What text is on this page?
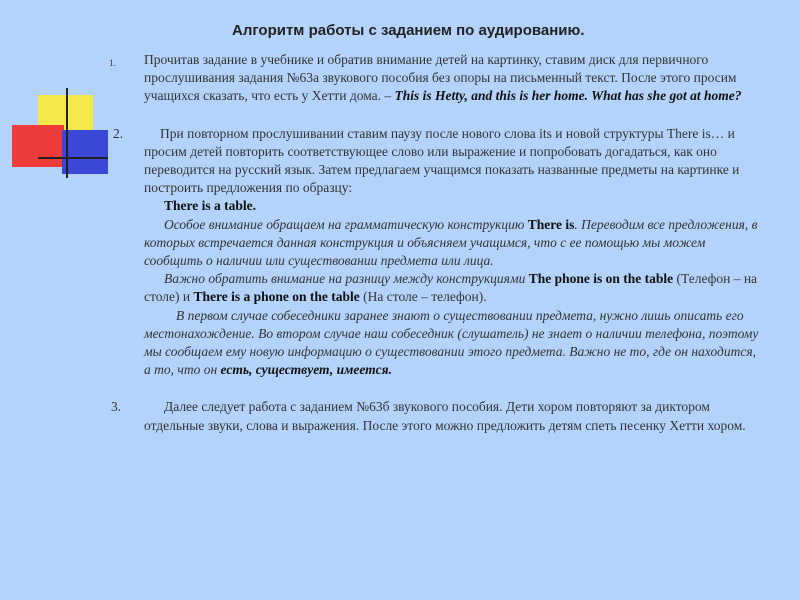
Алгоритм работы с заданием по аудированию.
1. Прочитав задание в учебнике и обратив внимание детей на картинку, ставим диск для первичного прослушивания задания №63а звукового пособия без опоры на письменный текст. После этого просим учащихся сказать, что есть у Хетти дома. – This is Hetty, and this is her home. What has she got at home?

2.	При повторном прослушивании ставим паузу после нового слова its и новой структуры There is… и просим детей повторить соответствующее слово или выражение и попробовать догадаться, как оно переводится на русский язык. Затем предлагаем учащимся показать названные предметы на картинке и построить предложения по образцу:

There is a table.

Особое внимание обращаем на грамматическую конструкцию There is. Переводим все предложения, в которых встречается данная конструкция и объясняем учащимся, что с ее помощью мы можем сообщить о наличии или существовании предмета или лица.

Важно обратить внимание на разницу между конструкциями The phone is on the table (Телефон – на столе) и There is a phone on the table (На столе – телефон).

В первом случае собеседники заранее знают о существовании предмета, нужно лишь описать его местонахождение. Во втором случае наш собеседник (слушатель) не знает о наличии телефона, поэтому мы сообщаем ему новую информацию о существовании этого предмета. Важно не то, где он находится, а то, что он есть, существует, имеется.

3.	Далее следует работа с заданием №63б звукового пособия. Дети хором повторяют за диктором отдельные звуки, слова и выражения. После этого можно предложить детям спеть песенку Хетти хором.
